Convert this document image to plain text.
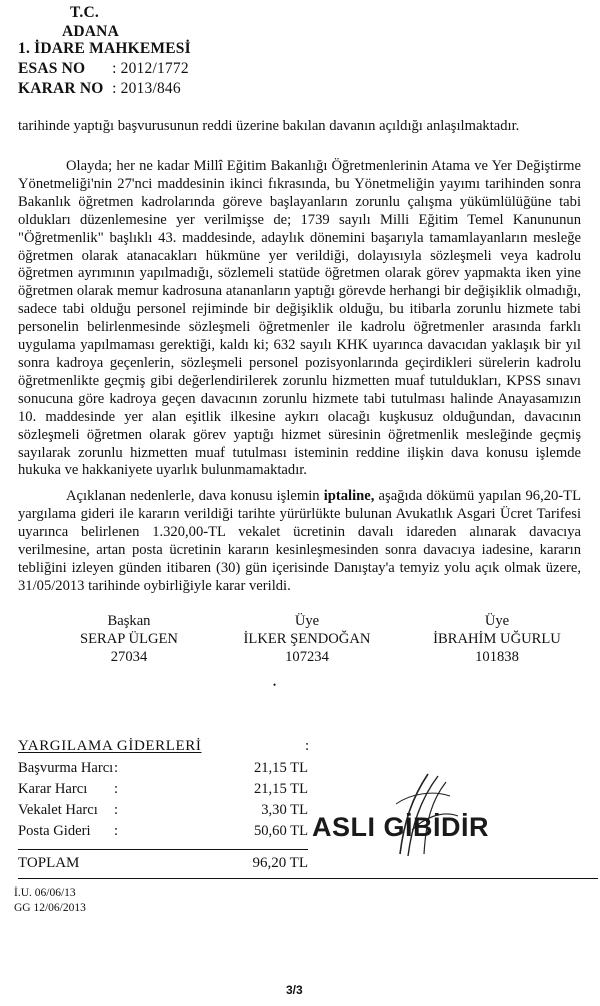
T.C.
ADANA
1. İDARE MAHKEMESİ
ESAS NO : 2012/1772
KARAR NO : 2013/846
tarihinde yaptığı başvurusunun reddi üzerine bakılan davanın açıldığı anlaşılmaktadır.
Olayda; her ne kadar Millî Eğitim Bakanlığı Öğretmenlerinin Atama ve Yer Değiştirme Yönetmeliği'nin 27'nci maddesinin ikinci fıkrasında, bu Yönetmeliğin yayımı tarihinden sonra Bakanlık öğretmen kadrolarında göreve başlayanların zorunlu çalışma yükümlülüğüne tabi oldukları düzenlemesine yer verilmişse de; 1739 sayılı Milli Eğitim Temel Kanununun "Öğretmenlik" başlıklı 43. maddesinde, adaylık dönemini başarıyla tamamlayanların mesleğe öğretmen olarak atanacakları hükmüne yer verildiği, dolayısıyla sözleşmeli veya kadrolu öğretmen ayrımının yapılmadığı, sözlemeli statüde öğretmen olarak görev yapmakta iken yine öğretmen olarak memur kadrosuna atananların yaptığı görevde herhangi bir değişiklik olmadığı, sadece tabi olduğu personel rejiminde bir değişiklik olduğu, bu itibarla zorunlu hizmete tabi personelin belirlenmesinde sözleşmeli öğretmenler ile kadrolu öğretmenler arasında farklı uygulama yapılmaması gerektiği, kaldı ki; 632 sayılı KHK uyarınca davacıdan yaklaşık bir yıl sonra kadroya geçenlerin, sözleşmeli personel pozisyonlarında geçirdikleri sürelerin kadrolu öğretmenlikte geçmiş gibi değerlendirilerek zorunlu hizmetten muaf tutuldukları, KPSS sınavı sonucuna göre kadroya geçen davacının zorunlu hizmete tabi tutulması halinde Anayasamızın 10. maddesinde yer alan eşitlik ilkesine aykırı olacağı kuşkusuz olduğundan, davacının sözleşmeli öğretmen olarak görev yaptığı hizmet süresinin öğretmenlik mesleğinde geçmiş sayılarak zorunlu hizmetten muaf tutulması isteminin reddine ilişkin dava konusu işlemde hukuka ve hakkaniyete uyarlık bulunmamaktadır.
Açıklanan nedenlerle, dava konusu işlemin iptaline, aşağıda dökümü yapılan 96,20-TL yargılama gideri ile kararın verildiği tarihte yürürlükte bulunan Avukatlık Asgari Ücret Tarifesi uyarınca belirlenen 1.320,00-TL vekalet ücretinin davalı idareden alınarak davacıya verilmesine, artan posta ücretinin kararın kesinleşmesinden sonra davacıya iadesine, kararın tebliğini izleyen günden itibaren (30) gün içerisinde Danıştay'a temyiz yolu açık olmak üzere, 31/05/2013 tarihinde oybirliğiyle karar verildi.
Başkan
SERAP ÜLGEN
27034
Üye
İLKER ŞENDOĞAN
107234
Üye
İBRAHİM UĞURLU
101838
•
YARGILAMA GİDERLERİ	:
Başvurma Harcı :	21,15 TL
Karar Harcı :	21,15 TL
Vekalet Harcı :	3,30 TL
Posta Gideri :	50,60 TL
TOPLAM	96,20 TL
İ.U. 06/06/13
GG 12/06/2013
ASLI GİBİDİR
3/3
